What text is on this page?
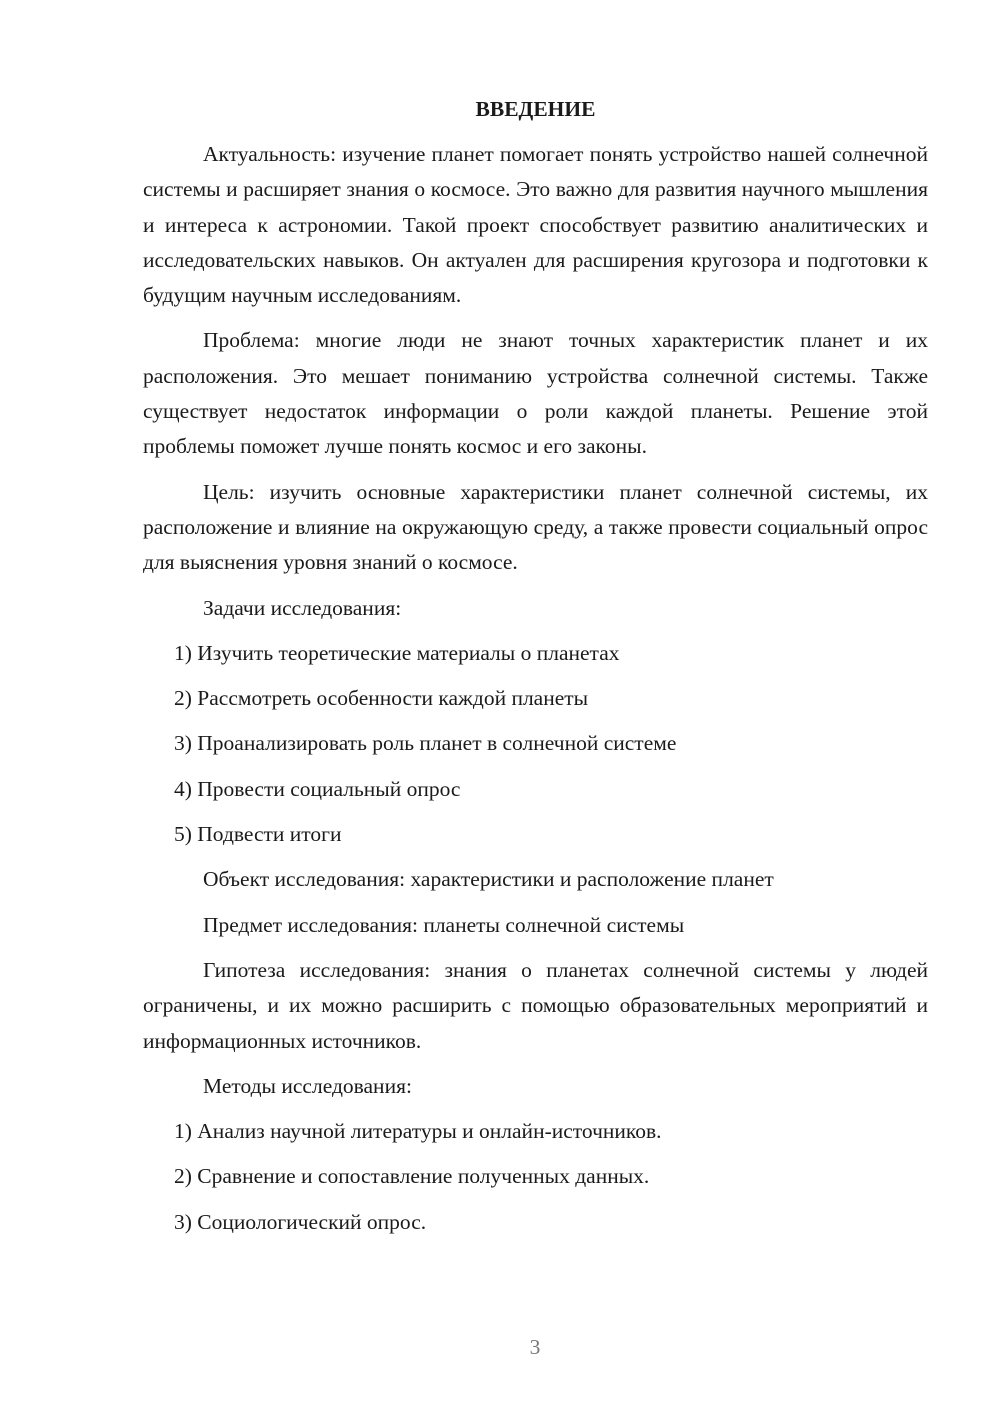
ВВЕДЕНИЕ

Актуальность: изучение планет помогает понять устройство нашей солнечной системы и расширяет знания о космосе. Это важно для развития научного мышления и интереса к астрономии. Такой проект способствует развитию аналитических и исследовательских навыков. Он актуален для расширения кругозора и подготовки к будущим научным исследованиям.

Проблема: многие люди не знают точных характеристик планет и их расположения. Это мешает пониманию устройства солнечной системы. Также существует недостаток информации о роли каждой планеты. Решение этой проблемы поможет лучше понять космос и его законы.

Цель: изучить основные характеристики планет солнечной системы, их расположение и влияние на окружающую среду, а также провести социальный опрос для выяснения уровня знаний о космосе.

Задачи исследования:
1) Изучить теоретические материалы о планетах
2) Рассмотреть особенности каждой планеты
3) Проанализировать роль планет в солнечной системе
4) Провести социальный опрос
5) Подвести итоги
Объект исследования: характеристики и расположение планет
Предмет исследования: планеты солнечной системы

Гипотеза исследования: знания о планетах солнечной системы у людей ограничены, и их можно расширить с помощью образовательных мероприятий и информационных источников.

Методы исследования:
1) Анализ научной литературы и онлайн-источников.
2) Сравнение и сопоставление полученных данных.
3) Социологический опрос.
3
